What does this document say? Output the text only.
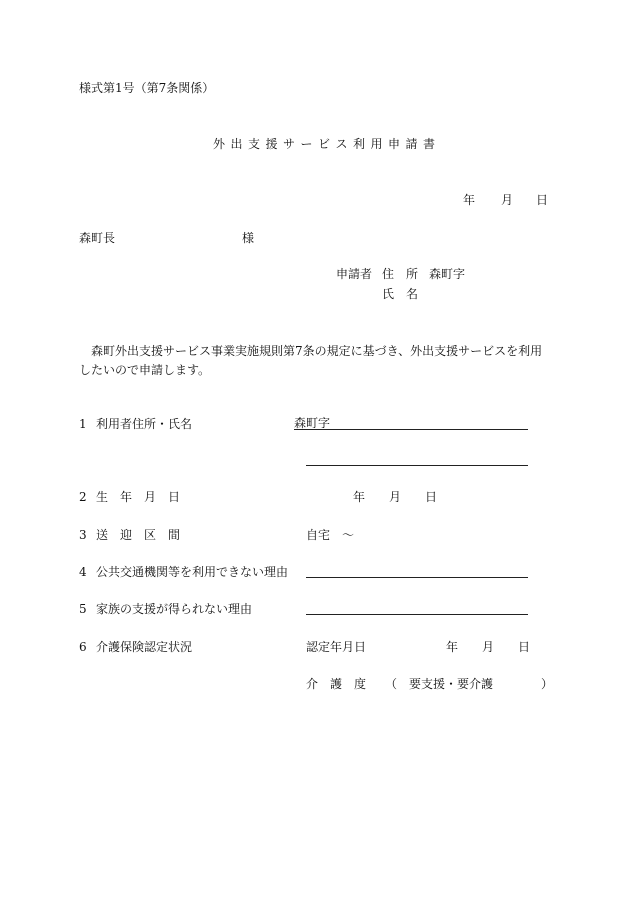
様式第1号（第7条関係）
外出支援サービス利用申請書
年 月 日
森町長	様
申請者 住　所 森町字
氏　名
森町外出支援サービス事業実施規則第7条の規定に基づき、外出支援サービスを利用したいので申請します。
1 利用者住所・氏名	森町字
2 生　年　月　日	年 月 日
3 送　迎　区　間	自宅　～
4 公共交通機関等を利用できない理由
5 家族の支援が得られない理由
6 介護保険認定状況	認定年月日	年 月 日
介　護　度 （　要支援・要介護　　　　）
